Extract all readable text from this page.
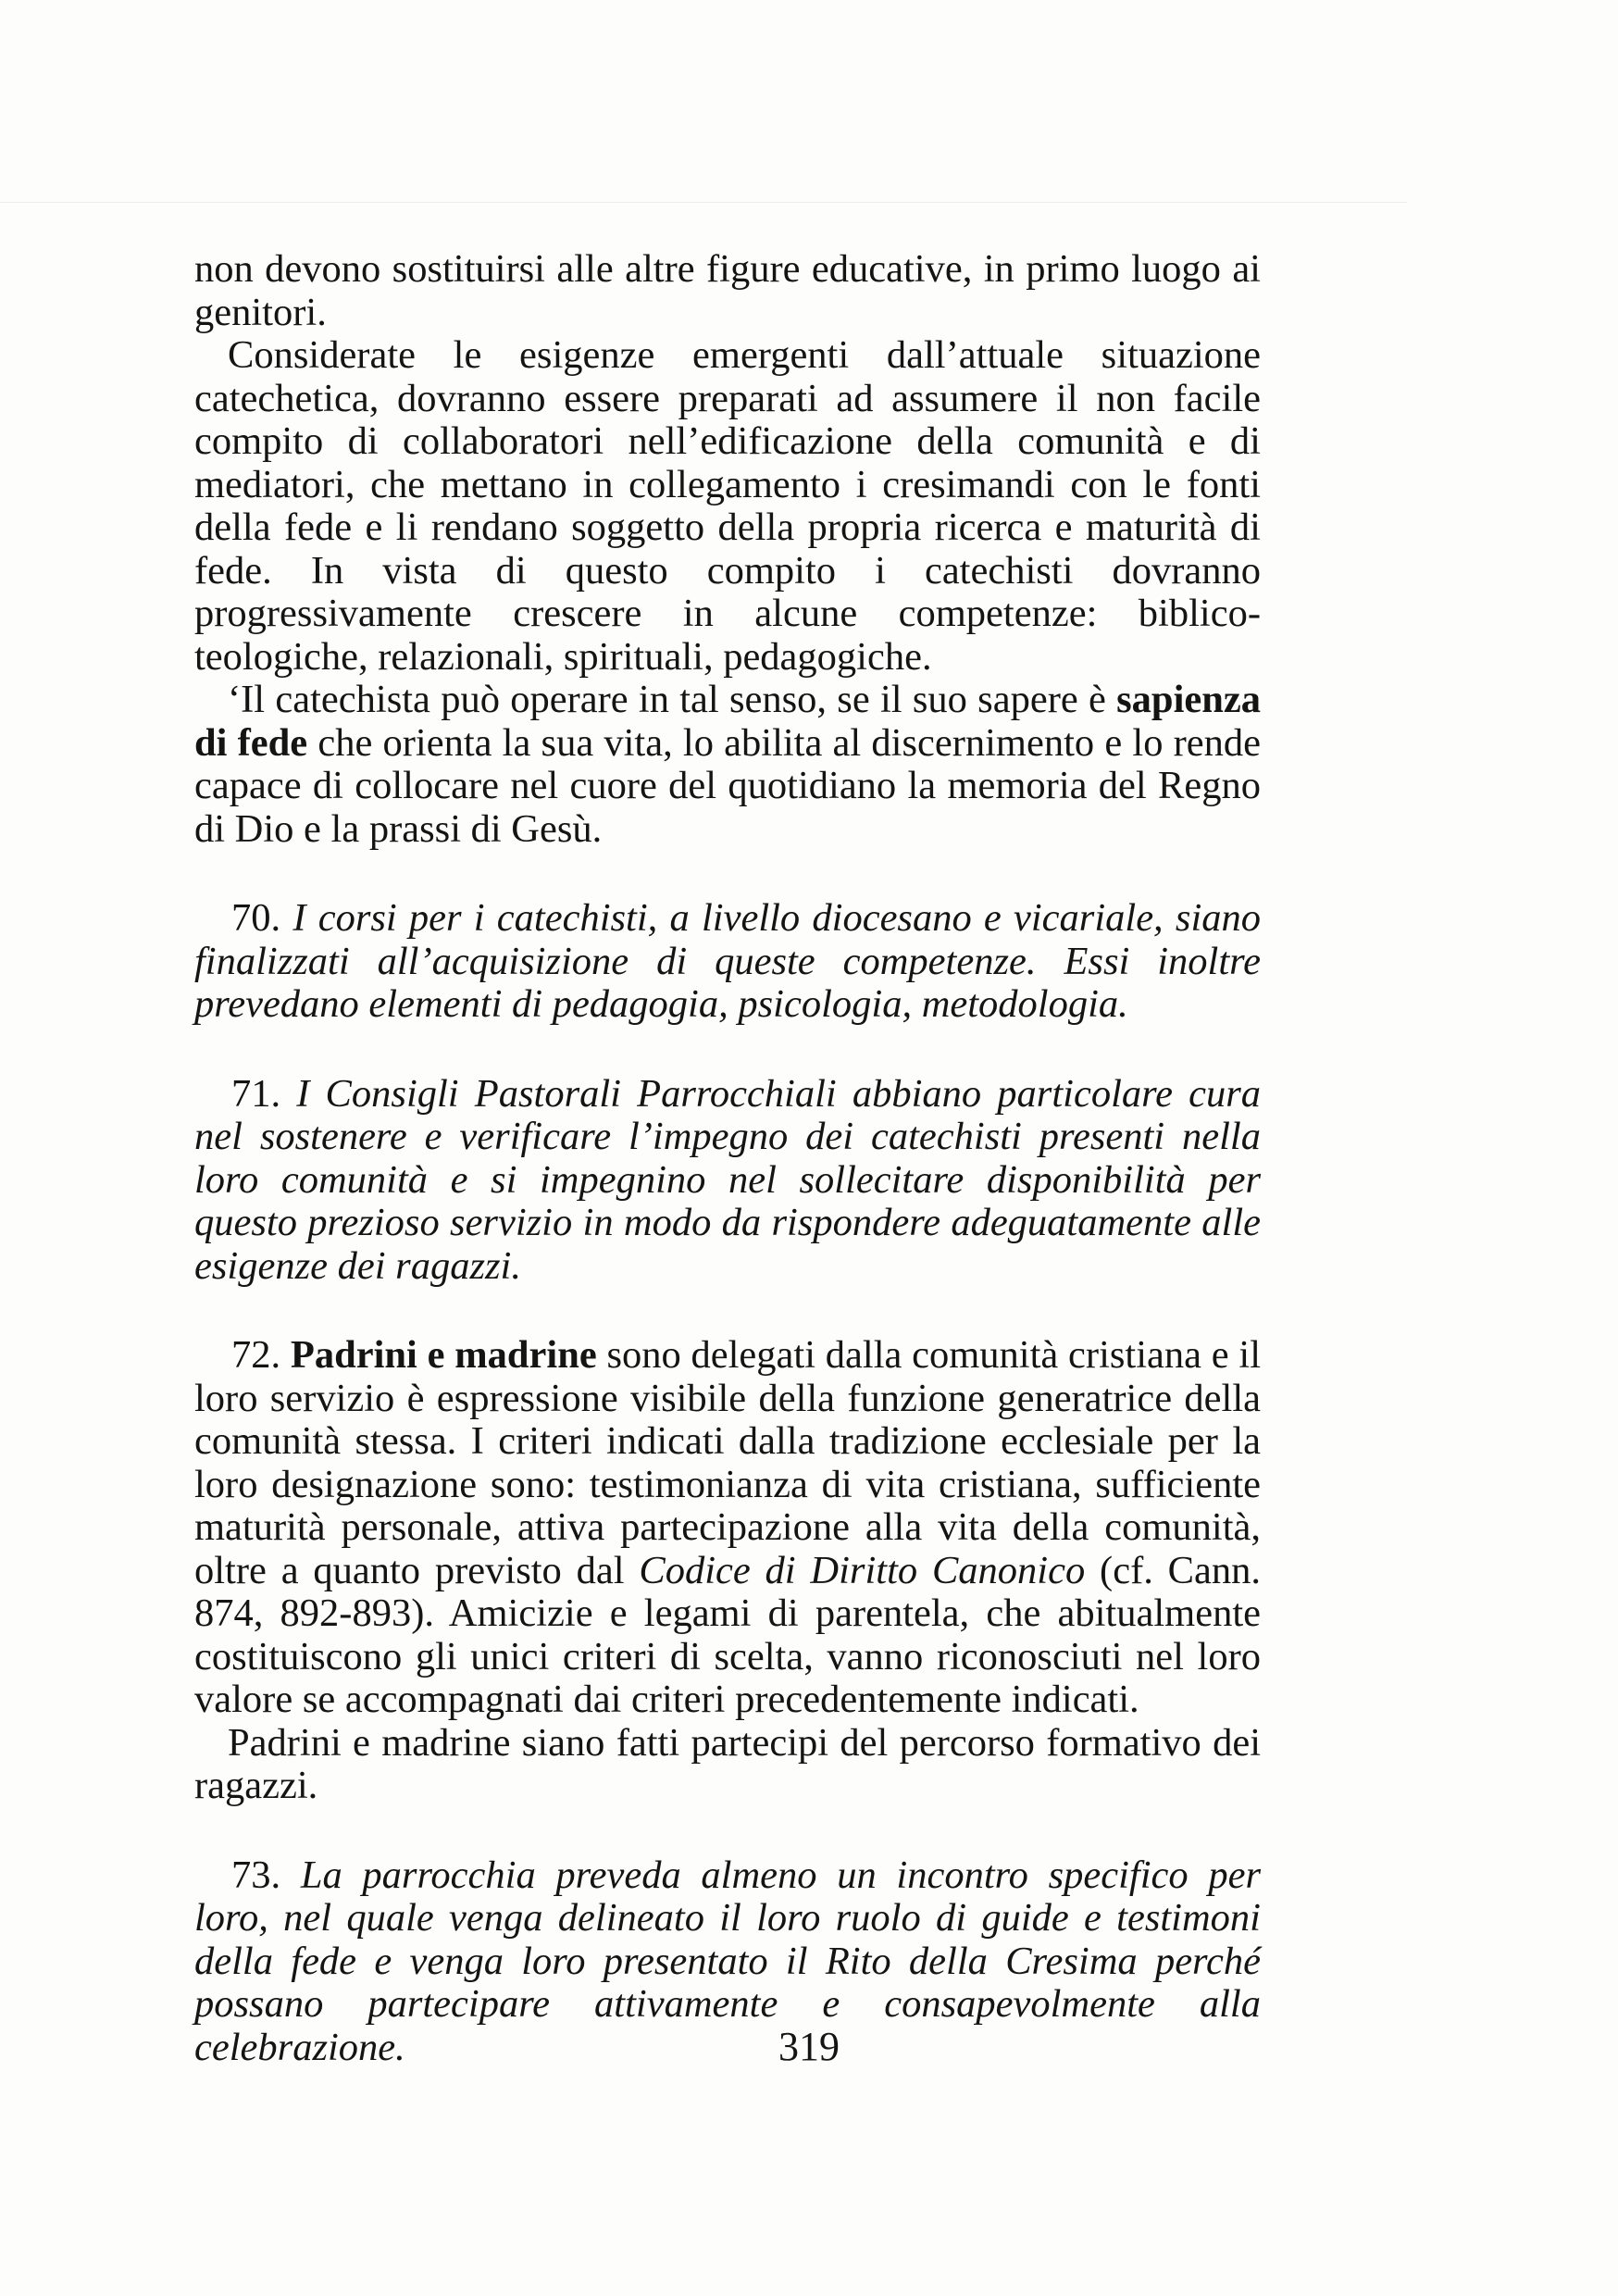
non devono sostituirsi alle altre figure educative, in primo luogo ai genitori.

Considerate le esigenze emergenti dall’attuale situazione catechetica, dovranno essere preparati ad assumere il non facile compito di collaboratori nell’edificazione della comunità e di mediatori, che mettano in collegamento i cresimandi con le fonti della fede e li rendano soggetto della propria ricerca e maturità di fede. In vista di questo compito i catechisti dovranno progressivamente crescere in alcune competenze: biblico-teologiche, relazionali, spirituali, pedagogiche.

‘Il catechista può operare in tal senso, se il suo sapere è sapienza di fede che orienta la sua vita, lo abilita al discernimento e lo rende capace di collocare nel cuore del quotidiano la memoria del Regno di Dio e la prassi di Gesù.

70. I corsi per i catechisti, a livello diocesano e vicariale, siano finalizzati all’acquisizione di queste competenze. Essi inoltre prevedano elementi di pedagogia, psicologia, metodologia.

71. I Consigli Pastorali Parrocchiali abbiano particolare cura nel sostenere e verificare l’impegno dei catechisti presenti nella loro comunità e si impegnino nel sollecitare disponibilità per questo prezioso servizio in modo da rispondere adeguatamente alle esigenze dei ragazzi.

72. Padrini e madrine sono delegati dalla comunità cristiana e il loro servizio è espressione visibile della funzione generatrice della comunità stessa. I criteri indicati dalla tradizione ecclesiale per la loro designazione sono: testimonianza di vita cristiana, sufficiente maturità personale, attiva partecipazione alla vita della comunità, oltre a quanto previsto dal Codice di Diritto Canonico (cf. Cann. 874, 892-893). Amicizie e legami di parentela, che abitualmente costituiscono gli unici criteri di scelta, vanno riconosciuti nel loro valore se accompagnati dai criteri precedentemente indicati.

Padrini e madrine siano fatti partecipi del percorso formativo dei ragazzi.

73. La parrocchia preveda almeno un incontro specifico per loro, nel quale venga delineato il loro ruolo di guide e testimoni della fede e venga loro presentato il Rito della Cresima perché possano partecipare attivamente e consapevolmente alla celebrazione.	319
